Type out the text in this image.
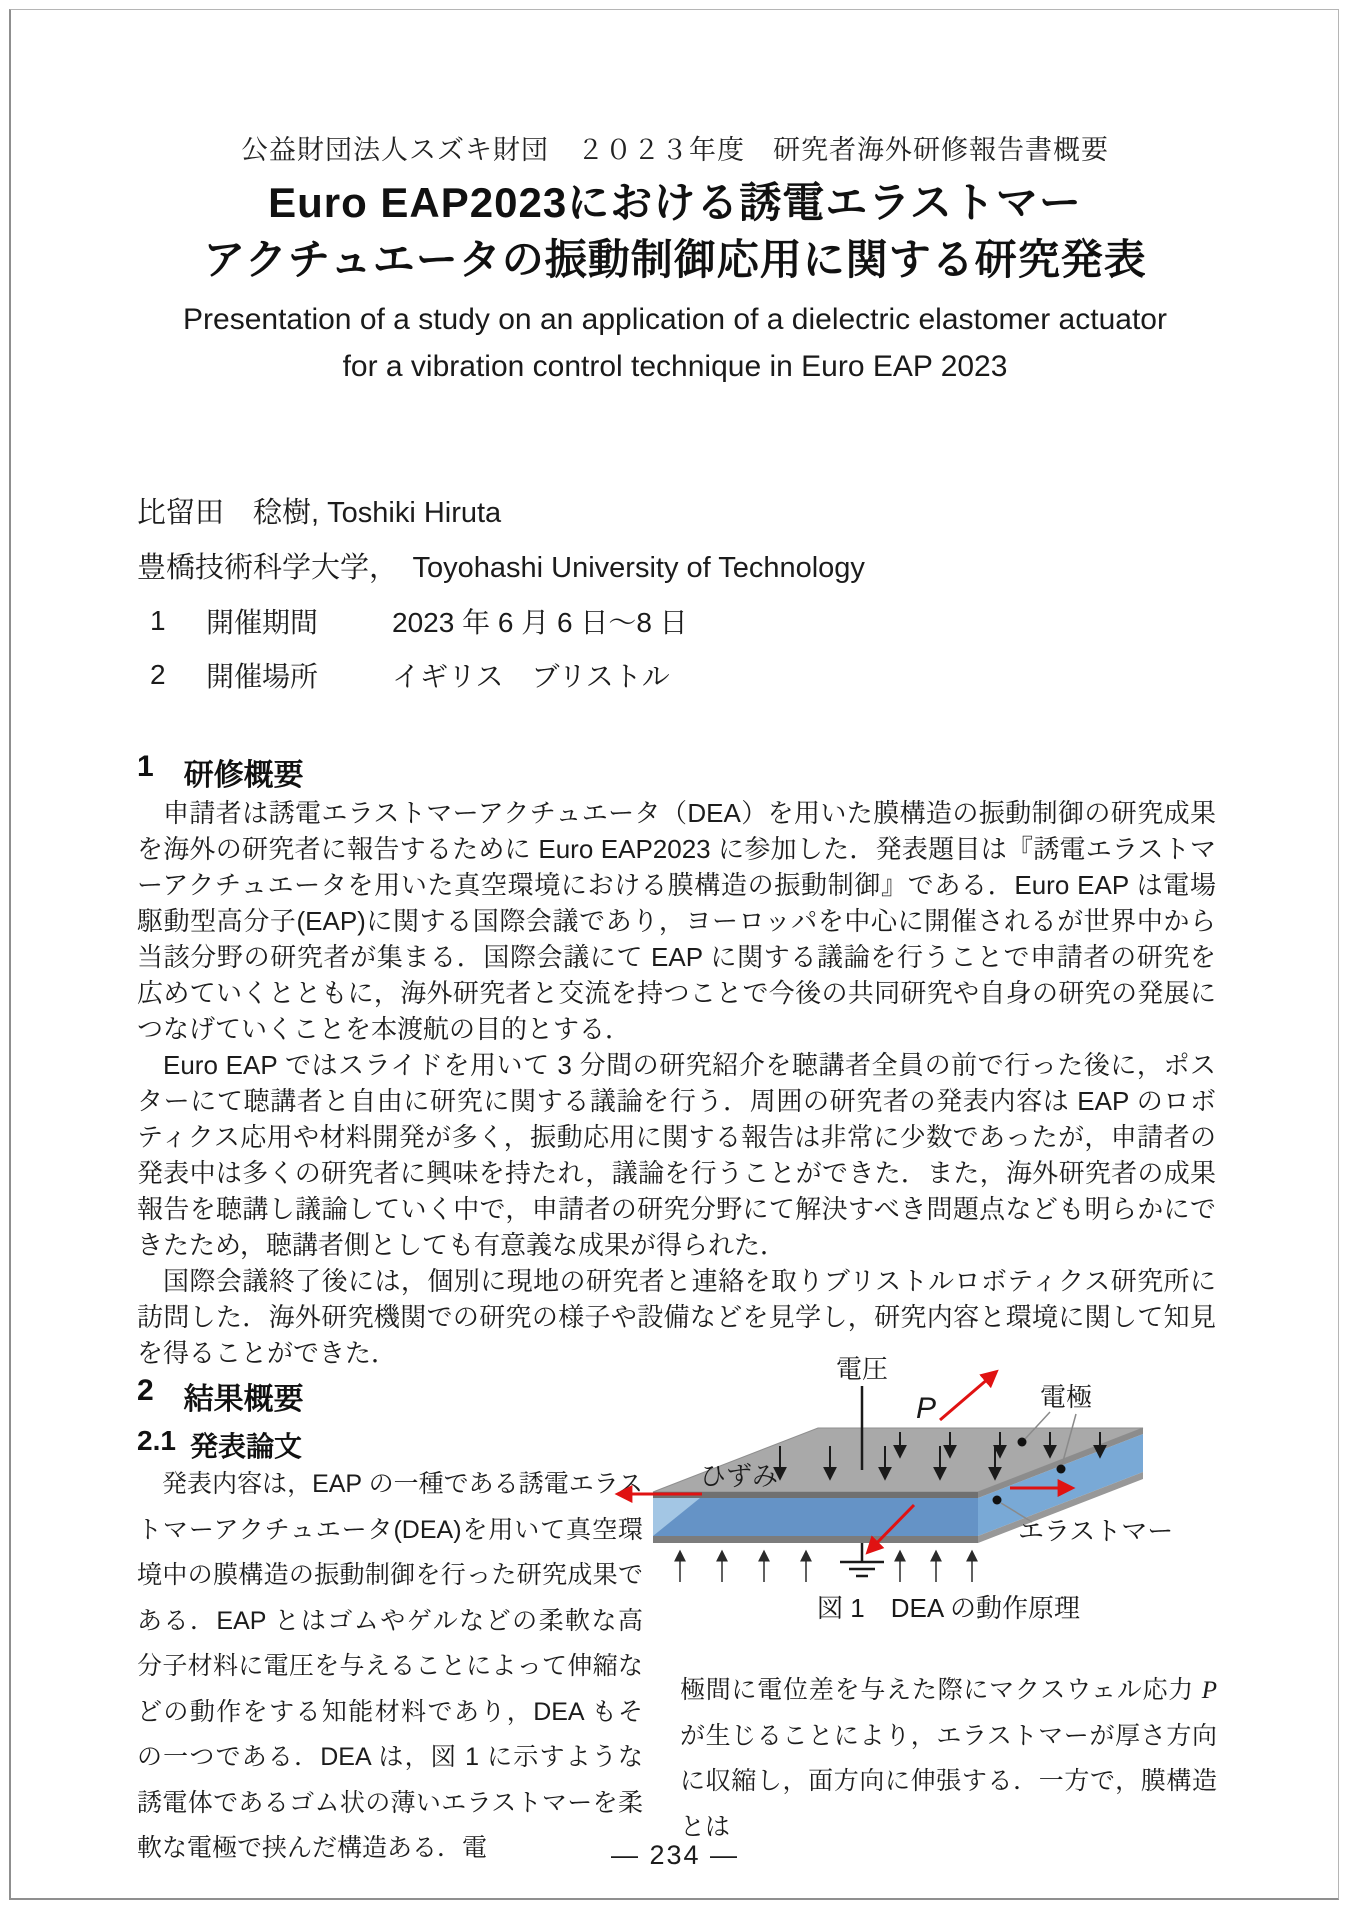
公益財団法人スズキ財団　２０２３年度　研究者海外研修報告書概要
Euro EAP2023における誘電エラストマー
アクチュエータの振動制御応用に関する研究発表
Presentation of a study on an application of a dielectric elastomer actuator
for a vibration control technique in Euro EAP 2023
比留田　稔樹, Toshiki Hiruta
豊橋技術科学大学，　Toyohashi University of Technology
1	開催期間	2023 年 6 月 6 日～8 日
2	開催場所	イギリス　ブリストル
1 研修概要

申請者は誘電エラストマーアクチュエータ（DEA）を用いた膜構造の振動制御の研究成果を海外の研究者に報告するために Euro EAP2023 に参加した．発表題目は『誘電エラストマーアクチュエータを用いた真空環境における膜構造の振動制御』である．Euro EAP は電場駆動型高分子(EAP)に関する国際会議であり，ヨーロッパを中心に開催されるが世界中から当該分野の研究者が集まる．国際会議にて EAP に関する議論を行うことで申請者の研究を広めていくとともに，海外研究者と交流を持つことで今後の共同研究や自身の研究の発展につなげていくことを本渡航の目的とする．

Euro EAP ではスライドを用いて 3 分間の研究紹介を聴講者全員の前で行った後に，ポスターにて聴講者と自由に研究に関する議論を行う．周囲の研究者の発表内容は EAP のロボティクス応用や材料開発が多く，振動応用に関する報告は非常に少数であったが，申請者の発表中は多くの研究者に興味を持たれ，議論を行うことができた．また，海外研究者の成果報告を聴講し議論していく中で，申請者の研究分野にて解決すべき問題点なども明らかにできたため，聴講者側としても有意義な成果が得られた．

国際会議終了後には，個別に現地の研究者と連絡を取りブリストルロボティクス研究所に訪問した．海外研究機関での研究の様子や設備などを見学し，研究内容と環境に関して知見を得ることができた．

2 結果概要
2.1 発表論文

発表内容は，EAP の一種である誘電エラストマーアクチュエータ(DEA)を用いて真空環境中の膜構造の振動制御を行った研究成果である．EAP とはゴムやゲルなどの柔軟な高分子材料に電圧を与えることによって伸縮などの動作をする知能材料であり，DEA もその一つである．DEA は，図 1 に示すような誘電体であるゴム状の薄いエラストマーを柔軟な電極で挟んだ構造ある．電

電圧
P	電極
ひずみ
エラストマー
図 1　DEA の動作原理
極間に電位差を与えた際にマクスウェル応力 P が生じることにより，エラストマーが厚さ方向に収縮し，面方向に伸張する．一方で，膜構造とは
― 234 ―
